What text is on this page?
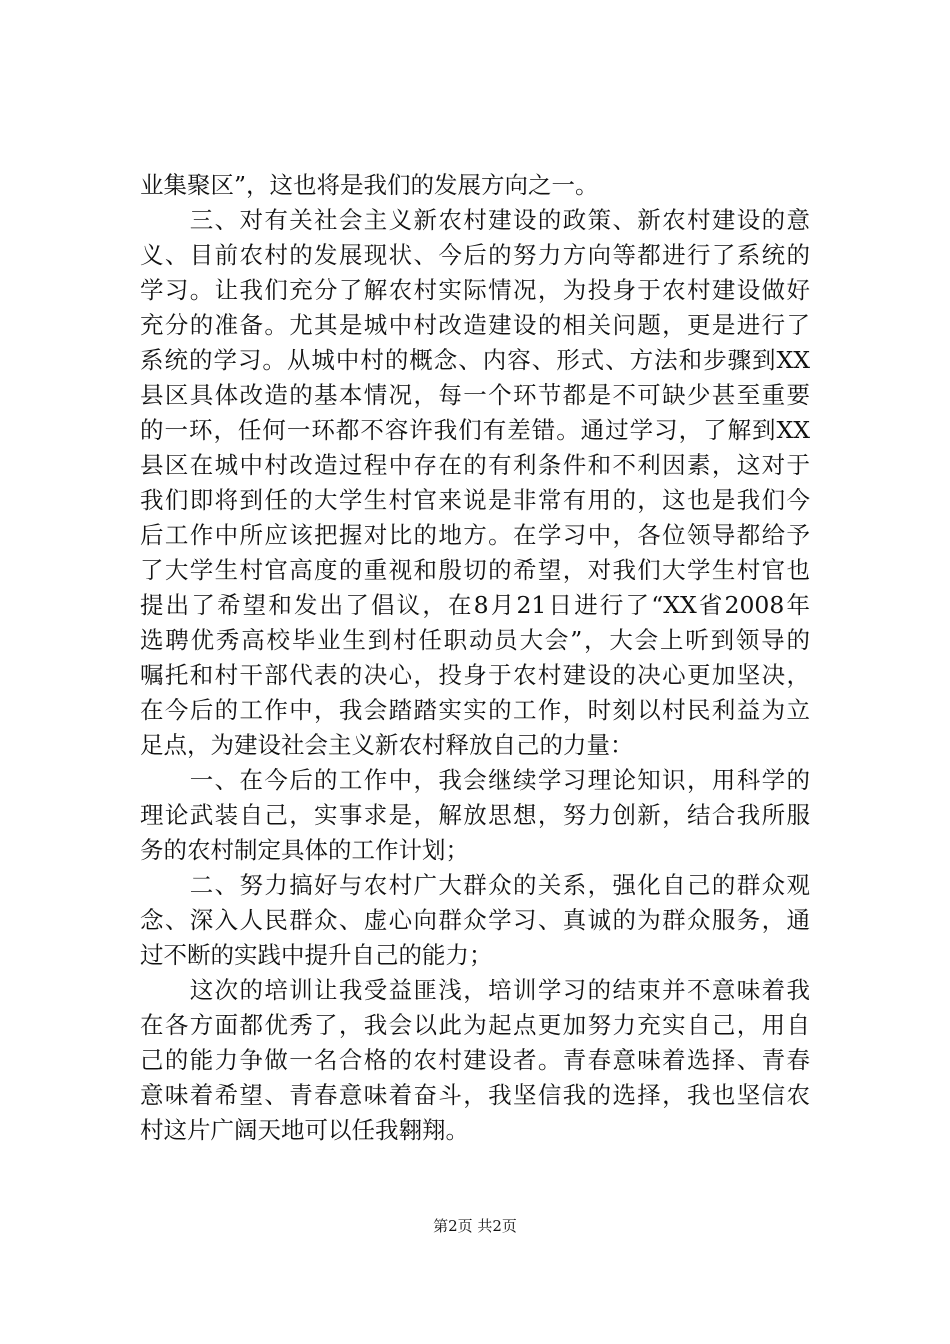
业集聚区”，这也将是我们的发展方向之一。
　　三、对有关社会主义新农村建设的政策、新农村建设的意
义、目前农村的发展现状、今后的努力方向等都进行了系统的
学习。让我们充分了解农村实际情况，为投身于农村建设做好
充分的准备。尤其是城中村改造建设的相关问题，更是进行了
系统的学习。从城中村的概念、内容、形式、方法和步骤到XX
县区具体改造的基本情况，每一个环节都是不可缺少甚至重要
的一环，任何一环都不容许我们有差错。通过学习，了解到XX
县区在城中村改造过程中存在的有利条件和不利因素，这对于
我们即将到任的大学生村官来说是非常有用的，这也是我们今
后工作中所应该把握对比的地方。在学习中，各位领导都给予
了大学生村官高度的重视和殷切的希望，对我们大学生村官也
提出了希望和发出了倡议，在8月21日进行了“XX省2008年
选聘优秀高校毕业生到村任职动员大会”，大会上听到领导的
嘱托和村干部代表的决心，投身于农村建设的决心更加坚决，
在今后的工作中，我会踏踏实实的工作，时刻以村民利益为立
足点，为建设社会主义新农村释放自己的力量：
　　一、在今后的工作中，我会继续学习理论知识，用科学的
理论武装自己，实事求是，解放思想，努力创新，结合我所服
务的农村制定具体的工作计划；
　　二、努力搞好与农村广大群众的关系，强化自己的群众观
念、深入人民群众、虚心向群众学习、真诚的为群众服务，通
过不断的实践中提升自己的能力；
　　这次的培训让我受益匪浅，培训学习的结束并不意味着我
在各方面都优秀了，我会以此为起点更加努力充实自己，用自
己的能力争做一名合格的农村建设者。青春意味着选择、青春
意味着希望、青春意味着奋斗，我坚信我的选择，我也坚信农
村这片广阔天地可以任我翱翔。
第2页 共2页
